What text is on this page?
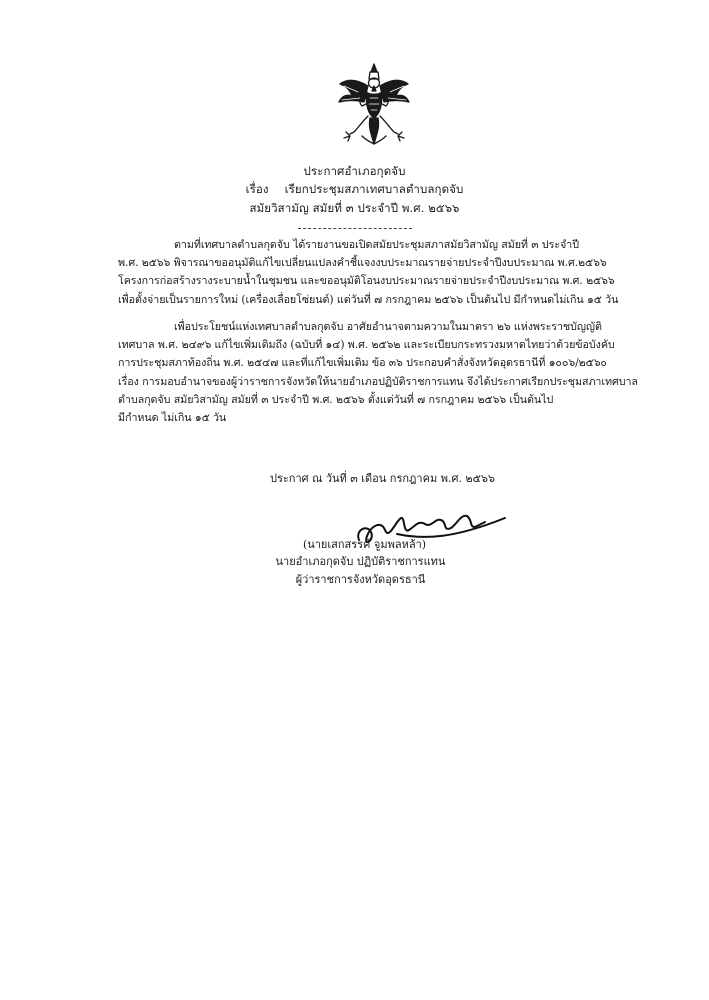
ประกาศอำเภอกุดจับ
เรื่อง เรียกประชุมสภาเทศบาลตำบลกุดจับ
สมัยวิสามัญ สมัยที่ ๓ ประจำปี พ.ศ. ๒๕๖๖
ตามที่เทศบาลตำบลกุดจับ ได้รายงานขอเปิดสมัยประชุมสภาสมัยวิสามัญ สมัยที่ ๓ ประจำปี
พ.ศ. ๒๕๖๖ พิจารณาขออนุมัติแก้ไขเปลี่ยนแปลงคำชี้แจงงบประมาณรายจ่ายประจำปีงบประมาณ พ.ศ.๒๕๖๖
โครงการก่อสร้างรางระบายน้ำในชุมชน และขออนุมัติโอนงบประมาณรายจ่ายประจำปีงบประมาณ พ.ศ. ๒๕๖๖
เพื่อตั้งจ่ายเป็นรายการใหม่ (เครื่องเลื่อยโซ่ยนต์) แต่วันที่ ๗ กรกฎาคม ๒๕๖๖ เป็นต้นไป มีกำหนดไม่เกิน ๑๕ วัน
เพื่อประโยชน์แห่งเทศบาลตำบลกุดจับ อาศัยอำนาจตามความในมาตรา ๒๖ แห่งพระราชบัญญัติ
เทศบาล พ.ศ. ๒๔๙๖ แก้ไขเพิ่มเติมถึง (ฉบับที่ ๑๔) พ.ศ. ๒๕๖๒ และระเบียบกระทรวงมหาดไทยว่าด้วยข้อบังคับ
การประชุมสภาท้องถิ่น พ.ศ. ๒๕๔๗ และที่แก้ไขเพิ่มเติม ข้อ ๓๖ ประกอบคำสั่งจังหวัดอุดรธานีที่ ๑๐๐๖/๒๕๖๐
เรื่อง การมอบอำนาจของผู้ว่าราชการจังหวัดให้นายอำเภอปฏิบัติราชการแทน จึงได้ประกาศเรียกประชุมสภาเทศบาล
ตำบลกุดจับ สมัยวิสามัญ สมัยที่ ๓ ประจำปี พ.ศ. ๒๕๖๖ ตั้งแต่วันที่ ๗ กรกฎาคม ๒๕๖๖ เป็นต้นไป
มีกำหนด ไม่เกิน ๑๕ วัน
ประกาศ ณ วันที่ ๓ เดือน กรกฎาคม พ.ศ. ๒๕๖๖
(นายเสกสรรค์ จูมพลหล้า)
นายอำเภอกุดจับ ปฏิบัติราชการแทน
ผู้ว่าราชการจังหวัดอุดรธานี
